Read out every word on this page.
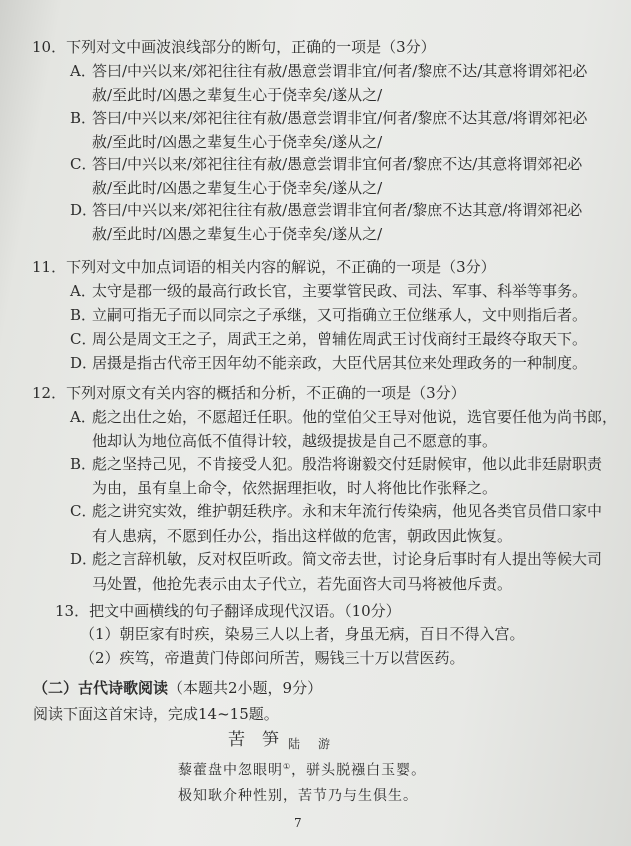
10．下列对文中画波浪线部分的断句，正确的一项是（3分）
A．
答曰/中兴以来/郊祀往往有赦/愚意尝谓非宜/何者/黎庶不达/其意将谓郊祀必
赦/至此时/凶愚之辈复生心于侥幸矣/遂从之/
B．
答曰/中兴以来/郊祀往往有赦/愚意尝谓非宜/何者/黎庶不达其意/将谓郊祀必
赦/至此时/凶愚之辈复生心于侥幸矣/遂从之/
C．
答曰/中兴以来/郊祀往往有赦/愚意尝谓非宜何者/黎庶不达/其意将谓郊祀必
赦/至此时/凶愚之辈复生心于侥幸矣/遂从之/
D．
答曰/中兴以来/郊祀往往有赦/愚意尝谓非宜何者/黎庶不达其意/将谓郊祀必
赦/至此时/凶愚之辈复生心于侥幸矣/遂从之/
11．下列对文中加点词语的相关内容的解说，不正确的一项是（3分）
A．
太守是郡一级的最高行政长官，主要掌管民政、司法、军事、科举等事务。
B．
立嗣可指无子而以同宗之子承继，又可指确立王位继承人，文中则指后者。
C．
周公是周文王之子，周武王之弟，曾辅佐周武王讨伐商纣王最终夺取天下。
D．
居摄是指古代帝王因年幼不能亲政，大臣代居其位来处理政务的一种制度。
12．下列对原文有关内容的概括和分析，不正确的一项是（3分）
A．
彪之出仕之始，不愿超迁任职。他的堂伯父王导对他说，选官要任他为尚书郎，
他却认为地位高低不值得计较，越级提拔是自己不愿意的事。
B．
彪之坚持己见，不肯接受人犯。殷浩将谢毅交付廷尉候审，他以此非廷尉职责
为由，虽有皇上命令，依然据理拒收，时人将他比作张释之。
C．
彪之讲究实效，维护朝廷秩序。永和末年流行传染病，他见各类官员借口家中
有人患病，不愿到任办公，指出这样做的危害，朝政因此恢复。
D．
彪之言辞机敏，反对权臣听政。简文帝去世，讨论身后事时有人提出等候大司
马处置，他抢先表示由太子代立，若先面咨大司马将被他斥责。
13．把文中画横线的句子翻译成现代汉语。（10分）
（1）朝臣家有时疾，染易三人以上者，身虽无病，百日不得入宫。
（2）疾笃，帝遣黄门侍郎问所苦，赐钱三十万以营医药。
（二）古代诗歌阅读（本题共2小题，9分）
阅读下面这首宋诗，完成14~15题。
苦　笋 陆　游
藜藿盘中忽眼明①，骈头脱襁白玉婴。
极知耿介种性别，苦节乃与生俱生。
7
